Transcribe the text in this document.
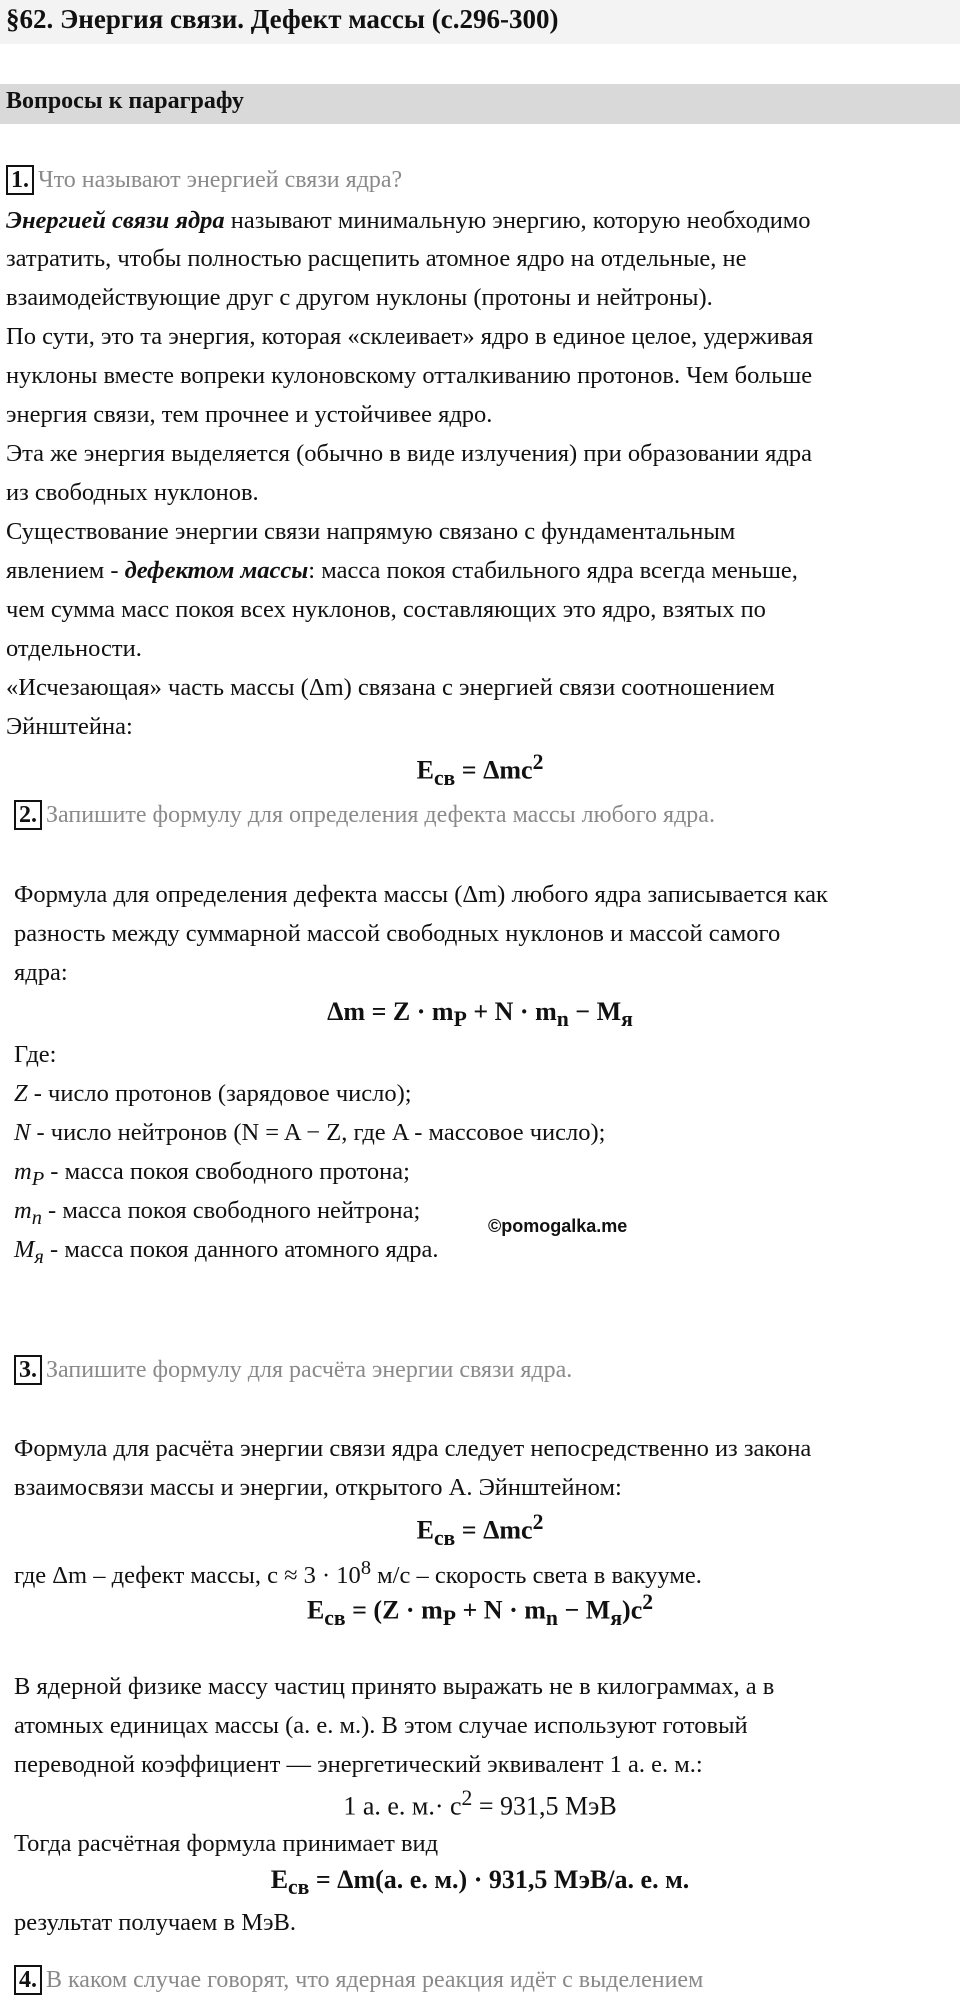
§62. Энергия связи. Дефект массы (с.296-300)
Вопросы к параграфу
1. Что называют энергией связи ядра?
Энергией связи ядра называют минимальную энергию, которую необходимо
затратить, чтобы полностью расщепить атомное ядро на отдельные, не
взаимодействующие друг с другом нуклоны (протоны и нейтроны).
По сути, это та энергия, которая «склеивает» ядро в единое целое, удерживая
нуклоны вместе вопреки кулоновскому отталкиванию протонов. Чем больше
энергия связи, тем прочнее и устойчивее ядро.
Эта же энергия выделяется (обычно в виде излучения) при образовании ядра
из свободных нуклонов.
Существование энергии связи напрямую связано с фундаментальным
явлением - дефектом массы: масса покоя стабильного ядра всегда меньше,
чем сумма масс покоя всех нуклонов, составляющих это ядро, взятых по
отдельности.
«Исчезающая» часть массы (Δm) связана с энергией связи соотношением
Эйнштейна:
$E_{св} = \Delta mc^2$
2. Запишите формулу для определения дефекта массы любого ядра.
Формула для определения дефекта массы (Δm) любого ядра записывается как
разность между суммарной массой свободных нуклонов и массой самого
ядра:
$\Delta m = Z \cdot m_P + N \cdot m_n - M_я$
Где:
Z - число протонов (зарядовое число);
N - число нейтронов (N = A − Z, где A - массовое число);
$m_P$ - масса покоя свободного протона;
$m_n$ - масса покоя свободного нейтрона;
$M_я$ - масса покоя данного атомного ядра.
©pomogalka.me
3. Запишите формулу для расчёта энергии связи ядра.
Формула для расчёта энергии связи ядра следует непосредственно из закона
взаимосвязи массы и энергии, открытого А. Эйнштейном:
$E_{св} = \Delta mc^2$
где Δm – дефект массы, $c \approx 3 \cdot 10^8$ м/с – скорость света в вакууме.
$E_{св} = (Z \cdot m_P + N \cdot m_n - M_я)c^2$
В ядерной физике массу частиц принято выражать не в килограммах, а в
атомных единицах массы (а. е. м.). В этом случае используют готовый
переводной коэффициент — энергетический эквивалент 1 а. е. м.:
1 а. е. $м.\cdot c^2 = 931,5$ МэВ
Тогда расчётная формула принимает вид
$E_{св} = \Delta m(а$. е. м.) · 931,5 МэВ/а. е. м.
результат получаем в МэВ.
4. В каком случае говорят, что ядерная реакция идёт с выделением
